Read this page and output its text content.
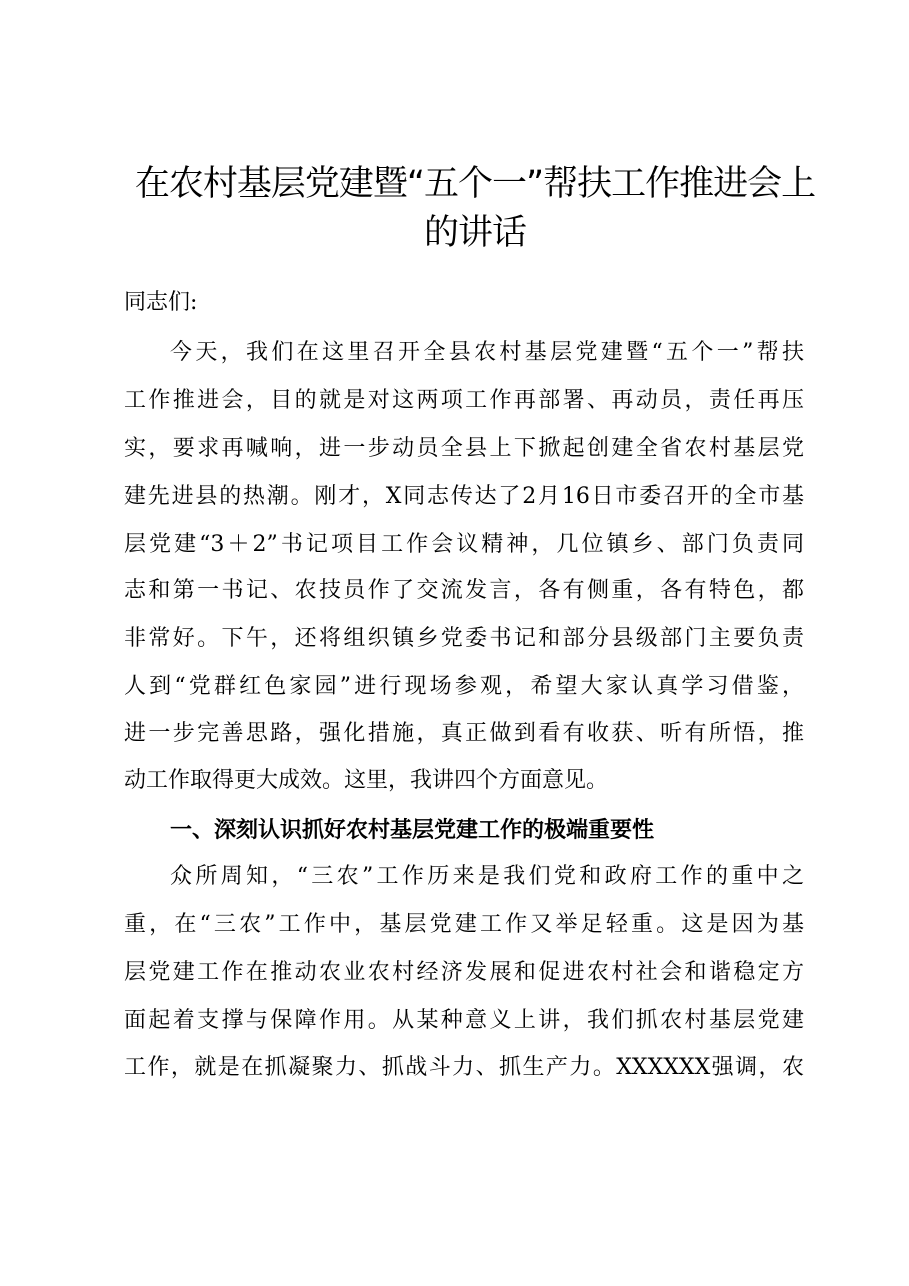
在农村基层党建暨“五个一”帮扶工作推进会上
的讲话
同志们:
今天，我们在这里召开全县农村基层党建暨“五个一”帮扶
工作推进会，目的就是对这两项工作再部署、再动员，责任再压
实，要求再喊响，进一步动员全县上下掀起创建全省农村基层党
建先进县的热潮。刚才，X同志传达了2月16日市委召开的全市基
层党建“3＋2”书记项目工作会议精神，几位镇乡、部门负责同
志和第一书记、农技员作了交流发言，各有侧重，各有特色，都
非常好。下午，还将组织镇乡党委书记和部分县级部门主要负责
人到“党群红色家园”进行现场参观，希望大家认真学习借鉴，
进一步完善思路，强化措施，真正做到看有收获、听有所悟，推
动工作取得更大成效。这里，我讲四个方面意见。
一、深刻认识抓好农村基层党建工作的极端重要性
众所周知，“三农”工作历来是我们党和政府工作的重中之
重，在“三农”工作中，基层党建工作又举足轻重。这是因为基
层党建工作在推动农业农村经济发展和促进农村社会和谐稳定方
面起着支撑与保障作用。从某种意义上讲，我们抓农村基层党建
工作，就是在抓凝聚力、抓战斗力、抓生产力。XXXXXX强调，农
